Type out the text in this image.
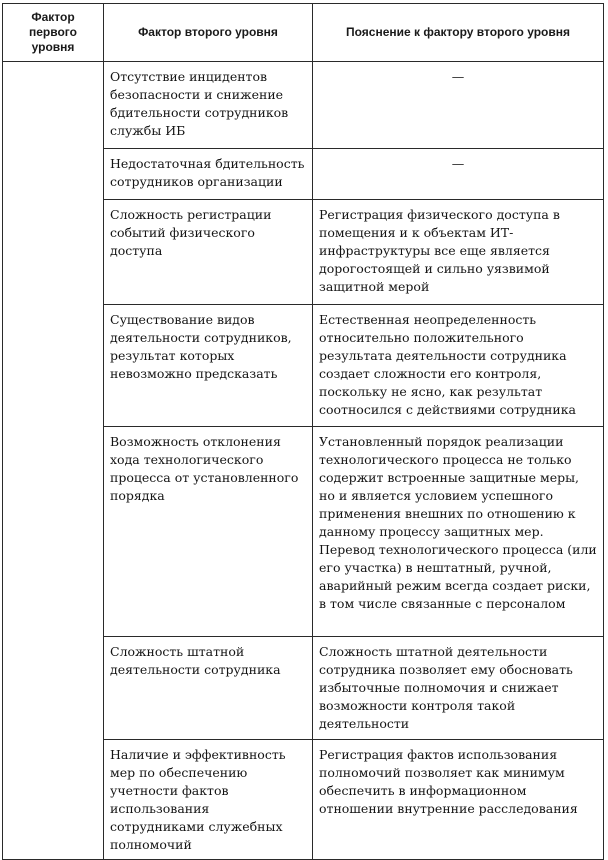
Фактор первого уровня	Фактор второго уровня	Пояснение к фактору второго уровня

	Отсутствие инцидентов безопасности и снижение бдительности сотрудников службы ИБ	—

	Недостаточная бдительность сотрудников организации	—

	Сложность регистрации событий физического доступа	Регистрация физического доступа в помещения и к объектам ИТ-инфраструктуры все еще является дорогостоящей и сильно уязвимой защитной мерой

	Существование видов деятельности сотрудников, результат которых невозможно предсказать	Естественная неопределенность относительно положительного результата деятельности сотрудника создает сложности его контроля, поскольку не ясно, как результат соотносился с действиями сотрудника

	Возможность отклонения хода технологического процесса от установленного порядка	Установленный порядок реализации технологического процесса не только содержит встроенные защитные меры, но и является условием успешного применения внешних по отношению к данному процессу защитных мер. Перевод технологического процесса (или его участка) в нештатный, ручной, аварийный режим всегда создает риски, в том числе связанные с персоналом

	Сложность штатной деятельности сотрудника	Сложность штатной деятельности сотрудника позволяет ему обосновать избыточные полномочия и снижает возможности контроля такой деятельности

	Наличие и эффективность мер по обеспечению учетности фактов использования сотрудниками служебных полномочий	Регистрация фактов использования полномочий позволяет как минимум обеспечить в информационном отношении внутренние расследования
